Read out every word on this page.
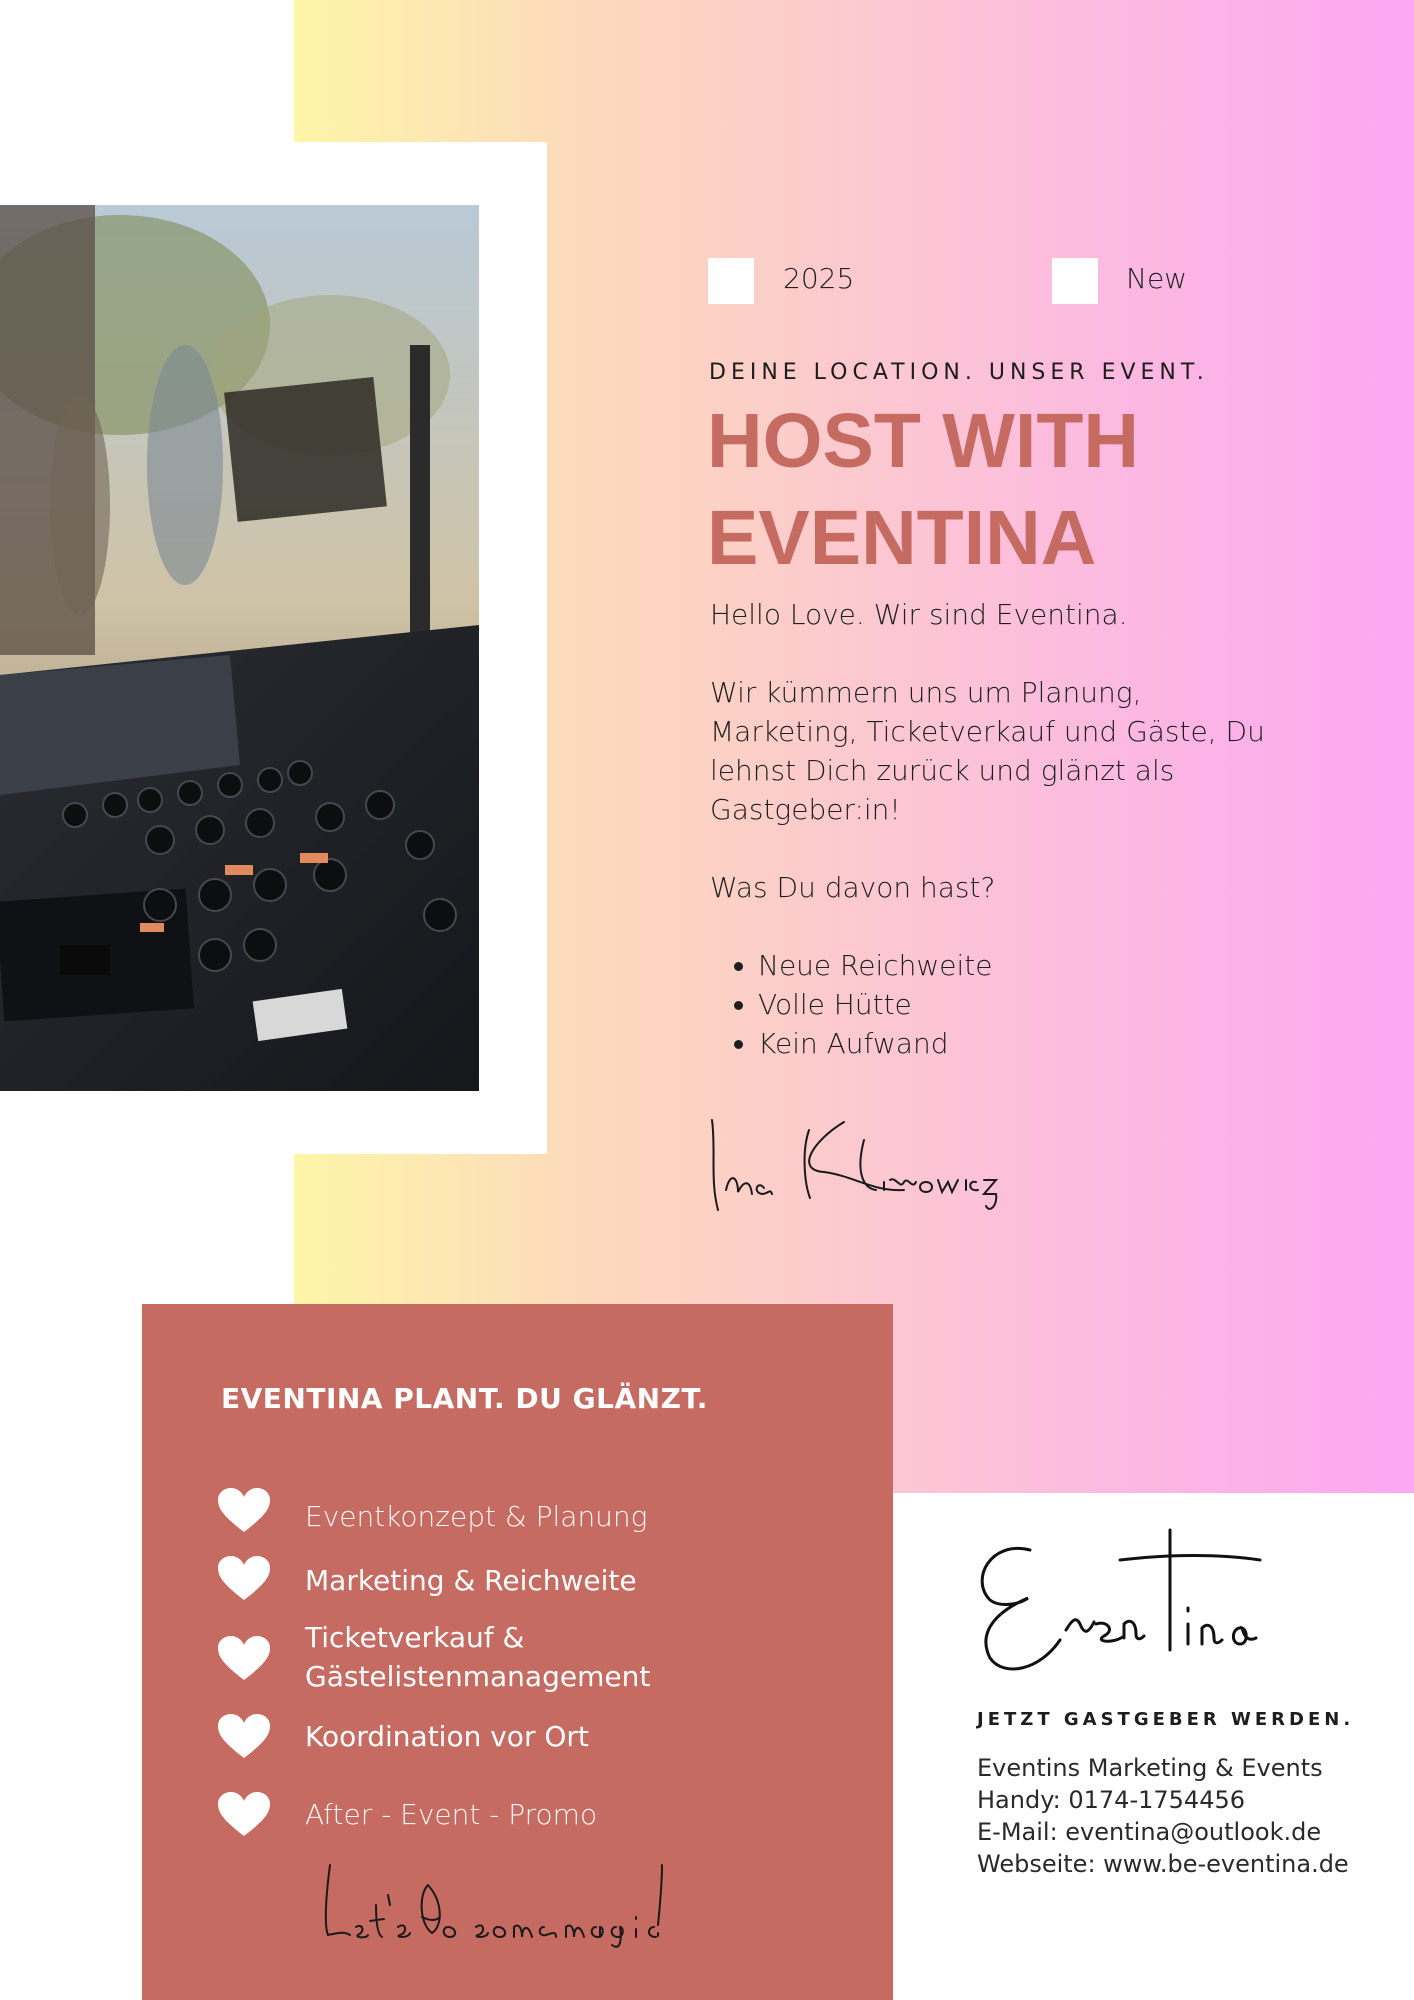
2025	New
DEINE LOCATION. UNSER EVENT.
HOST WITH
EVENTINA

Hello Love. Wir sind Eventina.

Wir kümmern uns um Planung, Marketing, Ticketverkauf und Gäste, Du lehnst Dich zurück und glänzt als Gastgeber:in!

Was Du davon hast?

• Neue Reichweite
• Volle Hütte
• Kein Aufwand
EVENTINA PLANT. DU GLÄNZT.
Eventkonzept & Planung
Marketing & Reichweite
Ticketverkauf &
Gästelistenmanagement
Koordination vor Ort
After - Event - Promo
JETZT GASTGEBER WERDEN.
Eventins Marketing & Events
Handy: 0174-1754456
E-Mail: eventina@outlook.de
Webseite: www.be-eventina.de
